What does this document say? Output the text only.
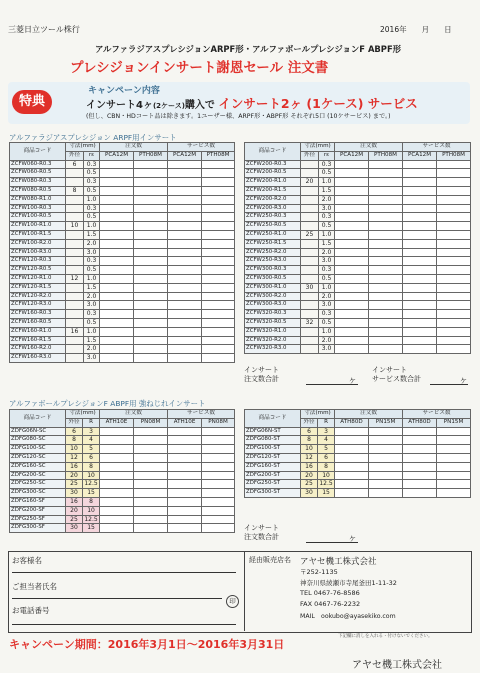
三菱日立ツール株行	2016年　　月　　日
アルファラジアスプレシジョンARPF形・アルファボールプレシジョンF ABPF形
プレシジョンインサート謝恩セール 注文書
特典
キャンペーン内容
インサート4ヶ(2ケース)購入で インサート2ヶ (1ケース) サービス
(但し、CBN・HDコート品は除きます。1ユーザー様、ARPF形・ABPF形 それぞれ5口 (10ケサービス) まで。)
アルファラジアスプレシジョン ARPF用インサート
商品コード	寸法(mm)		注文数		サービス数	
	外径	rε	PCA12M	PTH08M	PCA12M	PTH08M
ZCFW060-R0.3	6	0.3				
ZCFW060-R0.5		0.5				
ZCFW080-R0.3		0.3				
ZCFW080-R0.5	8	0.5				
ZCFW080-R1.0		1.0				
ZCFW100-R0.3		0.3				
ZCFW100-R0.5		0.5				
ZCFW100-R1.0	10	1.0				
ZCFW100-R1.5		1.5				
ZCFW100-R2.0		2.0				
ZCFW100-R3.0		3.0				
ZCFW120-R0.3		0.3				
ZCFW120-R0.5		0.5				
ZCFW120-R1.0	12	1.0				
ZCFW120-R1.5		1.5				
ZCFW120-R2.0		2.0				
ZCFW120-R3.0		3.0				
ZCFW160-R0.3		0.3				
ZCFW160-R0.5		0.5				
ZCFW160-R1.0	16	1.0				
ZCFW160-R1.5		1.5				
ZCFW160-R2.0		2.0				
ZCFW160-R3.0		3.0				
商品コード	寸法(mm)		注文数		サービス数	
	外径	rε	PCA12M	PTH08M	PCA12M	PTH08M
ZCFW200-R0.3		0.3				
ZCFW200-R0.5		0.5				
ZCFW200-R1.0	20	1.0				
ZCFW200-R1.5		1.5				
ZCFW200-R2.0		2.0				
ZCFW200-R3.0		3.0				
ZCFW250-R0.3		0.3				
ZCFW250-R0.5		0.5				
ZCFW250-R1.0	25	1.0				
ZCFW250-R1.5		1.5				
ZCFW250-R2.0		2.0				
ZCFW250-R3.0		3.0				
ZCFW300-R0.3		0.3				
ZCFW300-R0.5		0.5				
ZCFW300-R1.0	30	1.0				
ZCFW300-R2.0		2.0				
ZCFW300-R3.0		3.0				
ZCFW320-R0.3		0.3				
ZCFW320-R0.5	32	0.5				
ZCFW320-R1.0		1.0				
ZCFW320-R2.0		2.0				
ZCFW320-R3.0		3.0				
インサート
注文数合計	ケ
インサート
サービス数合計	ケ
アルファボールプレシジョンF ABPF用 強ねじれインサート
商品コード	寸法(mm)		注文数		サービス数	
	外径	R	ATH10E	PN08M	ATH10E	PN08M
ZDFG06N-SC	6	3				
ZDFG080-SC	8	4				
ZDFG100-SC	10	5				
ZDFG120-SC	12	6				
ZDFG160-SC	16	8				
ZDFG200-SC	20	10				
ZDFG250-SC	25	12.5				
ZDFG300-SC	30	15				
ZDFG160-SF	16	8				
ZDFG200-SF	20	10				
ZDFG250-SF	25	12.5				
ZDFG300-SF	30	15				
商品コード	寸法(mm)		注文数		サービス数	
	外径	R	ATH80D	PN15M	ATH80D	PN15M
ZDFG06N-ST	6	3				
ZDFG080-ST	8	4				
ZDFG100-ST	10	5				
ZDFG120-ST	12	6				
ZDFG160-ST	16	8				
ZDFG200-ST	20	10				
ZDFG250-ST	25	12.5				
ZDFG300-ST	30	15				
インサート
注文数合計	ケ
お客様名
ご担当者氏名
印
お電話番号
経由販売店名 アヤセ機工株式会社
〒252-1135
神奈川県綾瀬市寺尾釜田1-11-32
TEL 0467-76-8586
FAX 0467-76-2232
MAIL　ookubo@ayasekiko.com
下記欄に消しを入れる・付けないでください。
キャンペーン期間：2016年3月1日～2016年3月31日
アヤセ機工株式会社
